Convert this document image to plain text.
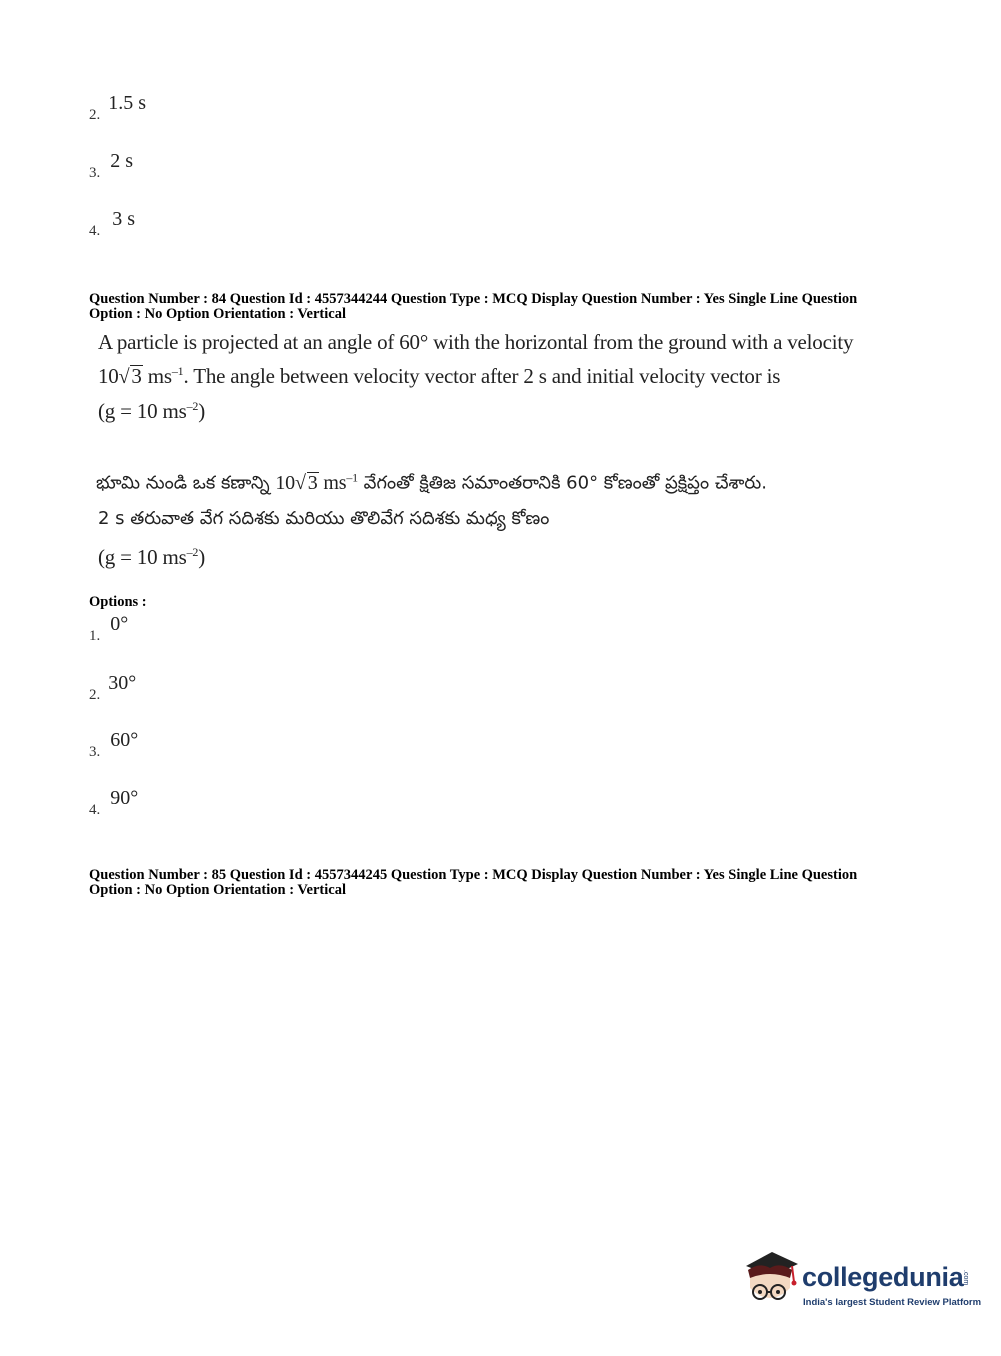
2. 1.5 s
3. 2 s
4. 3 s
Question Number : 84 Question Id : 4557344244 Question Type : MCQ Display Question Number : Yes Single Line Question
Option : No Option Orientation : Vertical
A particle is projected at an angle of 60° with the horizontal from the ground with a velocity
10√3 $ms^{-1}$. The angle between velocity vector after 2 s and initial velocity vector is
(g = 10 $ms^{-2}$)
భూమి నుండి ఒక కణాన్ని 10√ 3 $ms^{-1}$ వేగంతో క్షితిజ సమాంతరానికి 60° కోణంతో ప్రక్షిప్తం చేశారు.
2 s తరువాత వేగ సదిశకు మరియు తొలివేగ సదిశకు మధ్య కోణం
(g = 10 $ms^{-2}$)
Options :
1. 0°
2. 30°
3. 60°
4. 90°
Question Number : 85 Question Id : 4557344245 Question Type : MCQ Display Question Number : Yes Single Line Question
Option : No Option Orientation : Vertical
collegedunia
.com
India's largest Student Review Platform
